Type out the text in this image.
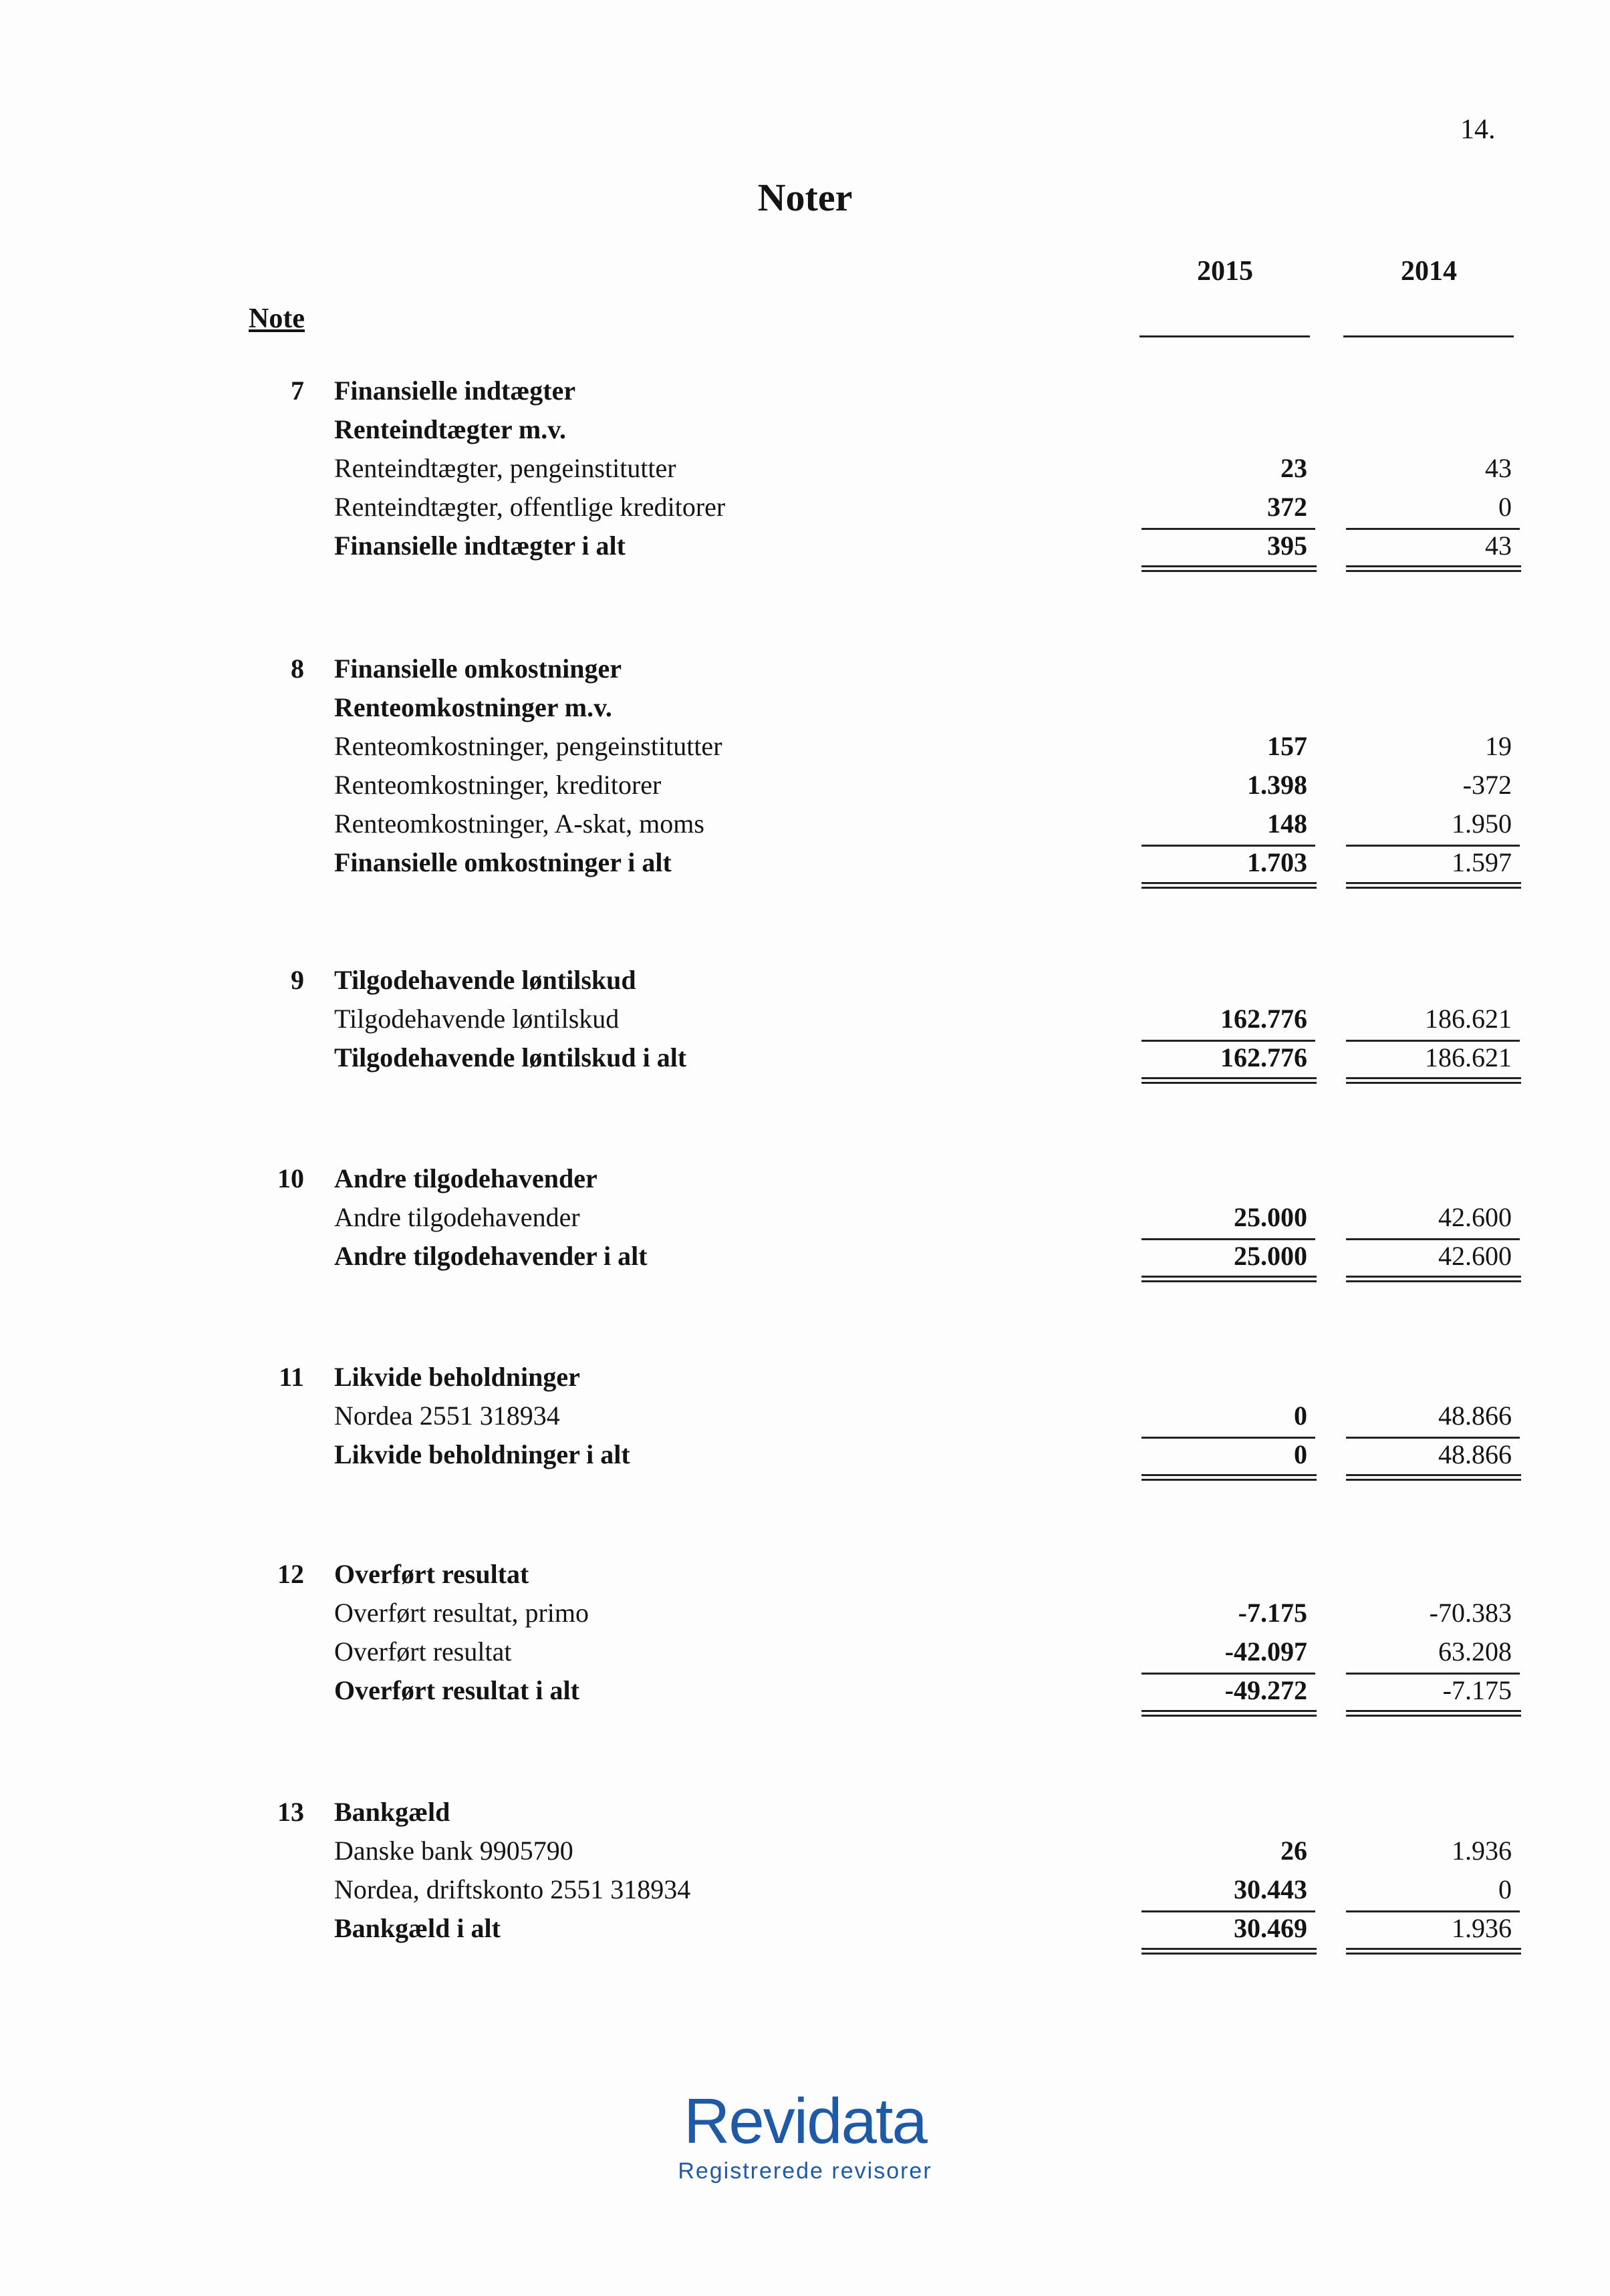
14.
Noter
2015	2014
Note
7 Finansielle indtægter
Renteindtægter m.v.
Renteindtægter, pengeinstitutter	23	43
Renteindtægter, offentlige kreditorer	372	0
Finansielle indtægter i alt	395	43
8 Finansielle omkostninger
Renteomkostninger m.v.
Renteomkostninger, pengeinstitutter	157	19
Renteomkostninger, kreditorer	1.398	-372
Renteomkostninger, A-skat, moms	148	1.950
Finansielle omkostninger i alt	1.703	1.597
9 Tilgodehavende løntilskud
Tilgodehavende løntilskud	162.776	186.621
Tilgodehavende løntilskud i alt	162.776	186.621
10 Andre tilgodehavender
Andre tilgodehavender	25.000	42.600
Andre tilgodehavender i alt	25.000	42.600
11 Likvide beholdninger
Nordea 2551 318934	0	48.866
Likvide beholdninger i alt	0	48.866
12 Overført resultat
Overført resultat, primo	-7.175	-70.383
Overført resultat	-42.097	63.208
Overført resultat i alt	-49.272	-7.175
13 Bankgæld
Danske bank 9905790	26	1.936
Nordea, driftskonto 2551 318934	30.443	0
Bankgæld i alt	30.469	1.936
Revidata
Registrerede revisorer
